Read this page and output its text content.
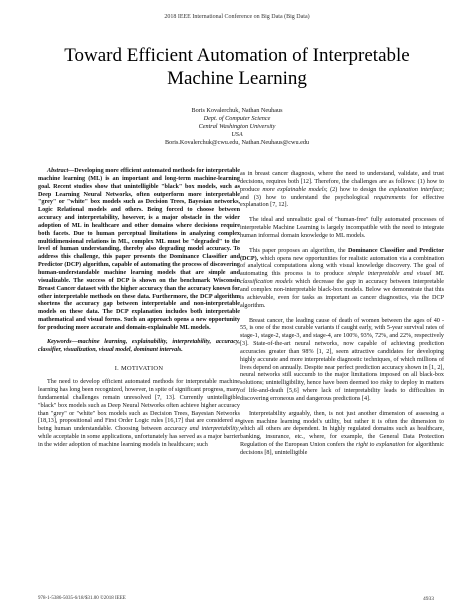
2018 IEEE International Conference on Big Data (Big Data)
Toward Efficient Automation of Interpretable
Machine Learning
Boris Kovalerchuk, Nathan Neuhaus
Dept. of Computer Science
Central Washington University
USA
Boris.Kovalerchuk@cwu.edu, Nathan.Neuhaus@cwu.edu

Abstract—Developing more efficient automated methods for interpretable machine learning (ML) is an important and long-term machine-learning goal. Recent studies show that unintelligible "black" box models, such as Deep Learning Neural Networks, often outperform more interpretable "grey" or "white" box models such as Decision Trees, Bayesian networks, Logic Relational models and others. Being forced to choose between accuracy and interpretability, however, is a major obstacle in the wider adoption of ML in healthcare and other domains where decisions require both facets. Due to human perceptual limitations in analyzing complex multidimensional relations in ML, complex ML must be "degraded" to the level of human understanding, thereby also degrading model accuracy. To address this challenge, this paper presents the Dominance Classifier and Predictor (DCP) algorithm, capable of automating the process of discovering human-understandable machine learning models that are simple and visualizable. The success of DCP is shown on the benchmark Wisconsin Breast Cancer dataset with the higher accuracy than the accuracy known for other interpretable methods on these data. Furthermore, the DCP algorithm shortens the accuracy gap between interpretable and non-interpretable models on these data. The DCP explanation includes both interpretable mathematical and visual forms. Such an approach opens a new opportunity for producing more accurate and domain-explainable ML models.

Keywords—machine learning, explainability, interpretability, accuracy, classifier, visualization, visual model, dominant intervals.

I. MOTIVATION

The need to develop efficient automated methods for interpretable machine learning has long been recognized, however, in spite of significant progress, many fundamental challenges remain unresolved [7, 13]. Currently unintelligible "black" box models such as Deep Neural Networks often achieve higher accuracy than "grey" or "white" box models such as Decision Trees, Bayesian Networks [18,13], propositional and First Order Logic rules [16,17] that are considered as being human understandable. Choosing between accuracy and interpretability, while acceptable in some applications, unfortunately has served as a major barrier in the wider adoption of machine learning models in healthcare; such

as in breast cancer diagnosis, where the need to understand, validate, and trust decisions, requires both [12]. Therefore, the challenges are as follows: (1) how to produce more explainable models; (2) how to design the explanation interface; and (3) how to understand the psychological requirements for effective explanation [7, 12].

The ideal and unrealistic goal of "human-free" fully automated processes of interpretable Machine Learning is largely incompatible with the need to integrate human informal domain knowledge to ML models.

This paper proposes an algorithm, the Dominance Classifier and Predictor (DCP), which opens new opportunities for realistic automation via a combination of analytical computations along with visual knowledge discovery. The goal of automating this process is to produce simple interpretable and visual ML classification models which decrease the gap in accuracy between interpretable and complex non-interpretable black-box models. Below we demonstrate that this is achievable, even for tasks as important as cancer diagnostics, via the DCP algorithm.

Breast cancer, the leading cause of death of women between the ages of 40 - 55, is one of the most curable variants if caught early, with 5-year survival rates of stage-1, stage-2, stage-3, and stage-4, are 100%, 93%, 72%, and 22%, respectively [3]. State-of-the-art neural networks, now capable of achieving prediction accuracies greater than 98% [1, 2], seem attractive candidates for developing highly accurate and more interpretable diagnostic techniques, of which millions of lives depend on annually. Despite near perfect prediction accuracy shown in [1, 2], neural networks still succumb to the major limitations imposed on all black-box solutions; unintelligibility, hence have been deemed too risky to deploy in matters of life-and-death [5,6] where lack of interpretability leads to difficulties in discovering erroneous and dangerous predictions [4].

Interpretability arguably, then, is not just another dimension of assessing a given machine learning model's utility, but rather it is often the dimension to which all others are dependent. In highly regulated domains such as healthcare, banking, insurance, etc., where, for example, the General Data Protection Regulation of the European Union confers the right to explanation for algorithmic decisions [8], unintelligible

978-1-5386-5035-6/18/$31.00 ©2018 IEEE	4933
